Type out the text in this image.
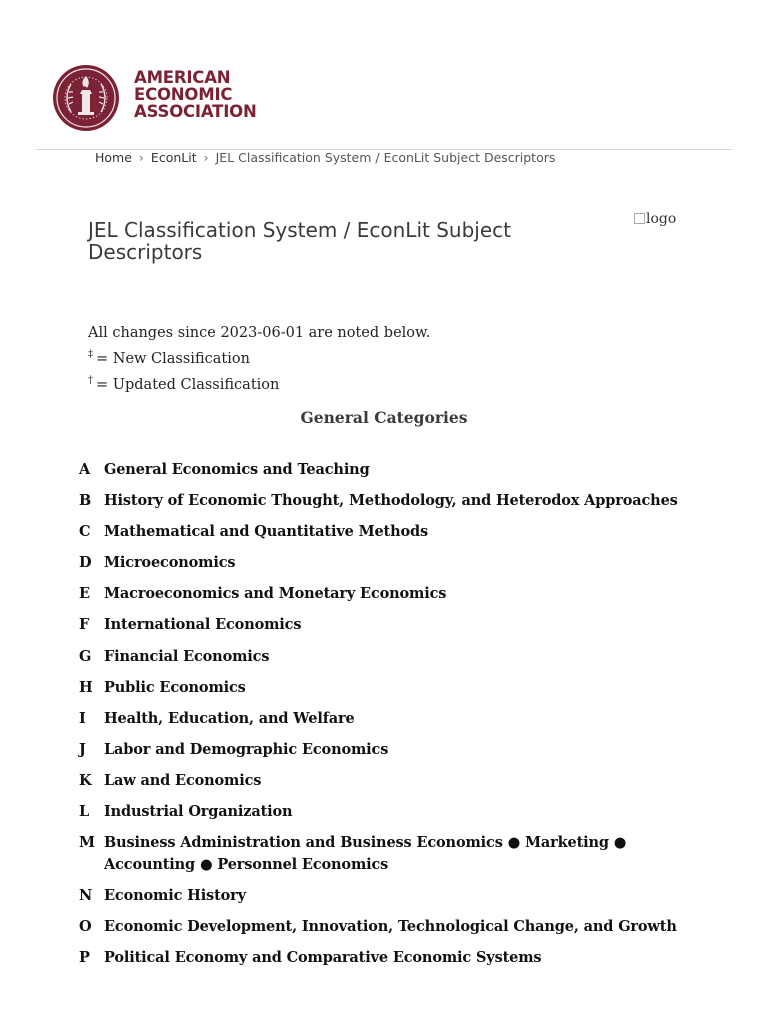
AMERICAN
ECONOMIC
ASSOCIATION
Home › EconLit › JEL Classification System / EconLit Subject Descriptors
JEL Classification System / EconLit Subject Descriptors
logo
All changes since 2023-06-01 are noted below.
‡ = New Classification
† = Updated Classification
General Categories
A General Economics and Teaching
B History of Economic Thought, Methodology, and Heterodox Approaches
C Mathematical and Quantitative Methods
D Microeconomics
E Macroeconomics and Monetary Economics
F	International Economics
G Financial Economics
H Public Economics
I	Health, Education, and Welfare
J	Labor and Demographic Economics
K Law and Economics
L	Industrial Organization
M Business Administration and Business Economics ● Marketing ● Accounting ● Personnel Economics
N Economic History
O Economic Development, Innovation, Technological Change, and Growth
P Political Economy and Comparative Economic Systems
